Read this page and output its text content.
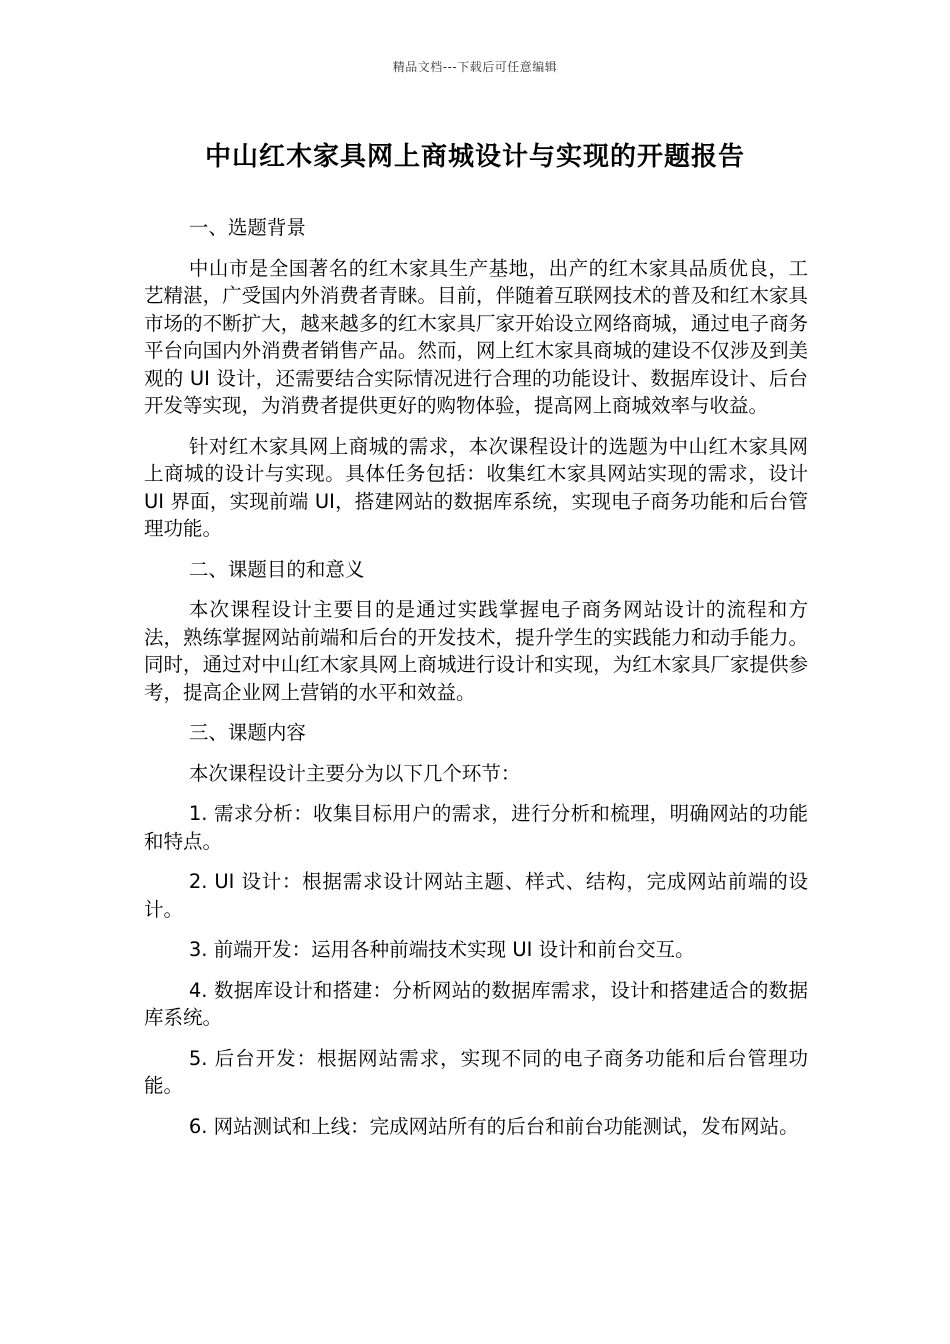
精品文档---下载后可任意编辑
中山红木家具网上商城设计与实现的开题报告

一、选题背景

中山市是全国著名的红木家具生产基地，出产的红木家具品质优良，工艺精湛，广受国内外消费者青睐。目前，伴随着互联网技术的普及和红木家具市场的不断扩大，越来越多的红木家具厂家开始设立网络商城，通过电子商务平台向国内外消费者销售产品。然而，网上红木家具商城的建设不仅涉及到美观的 UI 设计，还需要结合实际情况进行合理的功能设计、数据库设计、后台开发等实现，为消费者提供更好的购物体验，提高网上商城效率与收益。

针对红木家具网上商城的需求，本次课程设计的选题为中山红木家具网上商城的设计与实现。具体任务包括：收集红木家具网站实现的需求，设计 UI 界面，实现前端 UI，搭建网站的数据库系统，实现电子商务功能和后台管理功能。

二、课题目的和意义

本次课程设计主要目的是通过实践掌握电子商务网站设计的流程和方法，熟练掌握网站前端和后台的开发技术，提升学生的实践能力和动手能力。同时，通过对中山红木家具网上商城进行设计和实现，为红木家具厂家提供参考，提高企业网上营销的水平和效益。

三、课题内容

本次课程设计主要分为以下几个环节：

1. 需求分析：收集目标用户的需求，进行分析和梳理，明确网站的功能和特点。

2. UI 设计：根据需求设计网站主题、样式、结构，完成网站前端的设计。

3. 前端开发：运用各种前端技术实现 UI 设计和前台交互。

4. 数据库设计和搭建：分析网站的数据库需求，设计和搭建适合的数据库系统。

5. 后台开发：根据网站需求，实现不同的电子商务功能和后台管理功能。

6. 网站测试和上线：完成网站所有的后台和前台功能测试，发布网站。
